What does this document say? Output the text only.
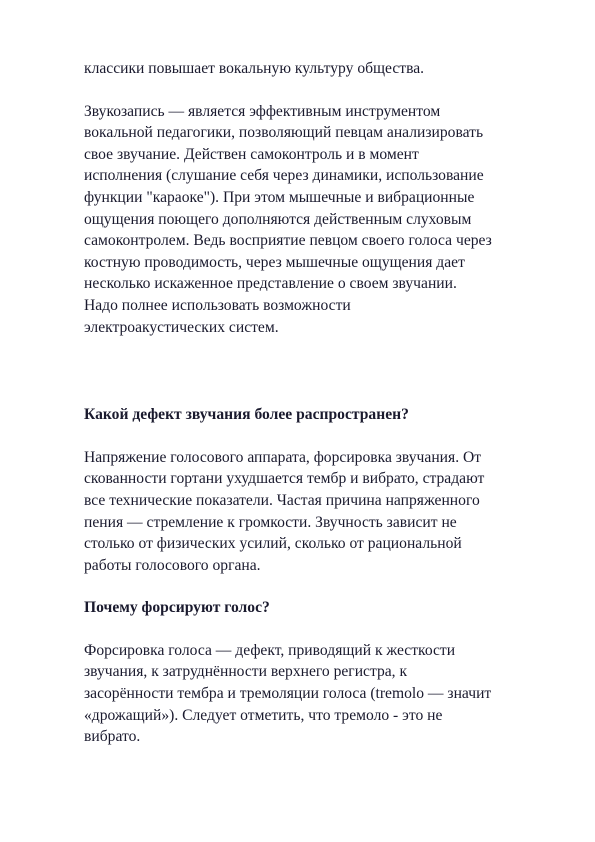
классики повышает вокальную культуру общества.

Звукозапись — является эффективным инструментом
вокальной педагогики, позволяющий певцам анализировать
свое звучание. Действен самоконтроль и в момент
исполнения (слушание себя через динамики, использование
функции "караоке"). При этом мышечные и вибрационные
ощущения поющего дополняются действенным слуховым
самоконтролем. Ведь восприятие певцом своего голоса через
костную проводимость, через мышечные ощущения дает
несколько искаженное представление о своем звучании.
Надо полнее использовать возможности
электроакустических систем.

Какой дефект звучания более распространен?

Напряжение голосового аппарата, форсировка звучания. От
скованности гортани ухудшается тембр и вибрато, страдают
все технические показатели. Частая причина напряженного
пения — стремление к громкости. Звучность зависит не
столько от физических усилий, сколько от рациональной
работы голосового органа.

Почему форсируют голос?

Форсировка голоса — дефект, приводящий к жесткости
звучания, к затруднённости верхнего регистра, к
засорённости тембра и тремоляции голоса (tremolo — значит
«дрожащий»). Следует отметить, что тремоло - это не
вибрато.
